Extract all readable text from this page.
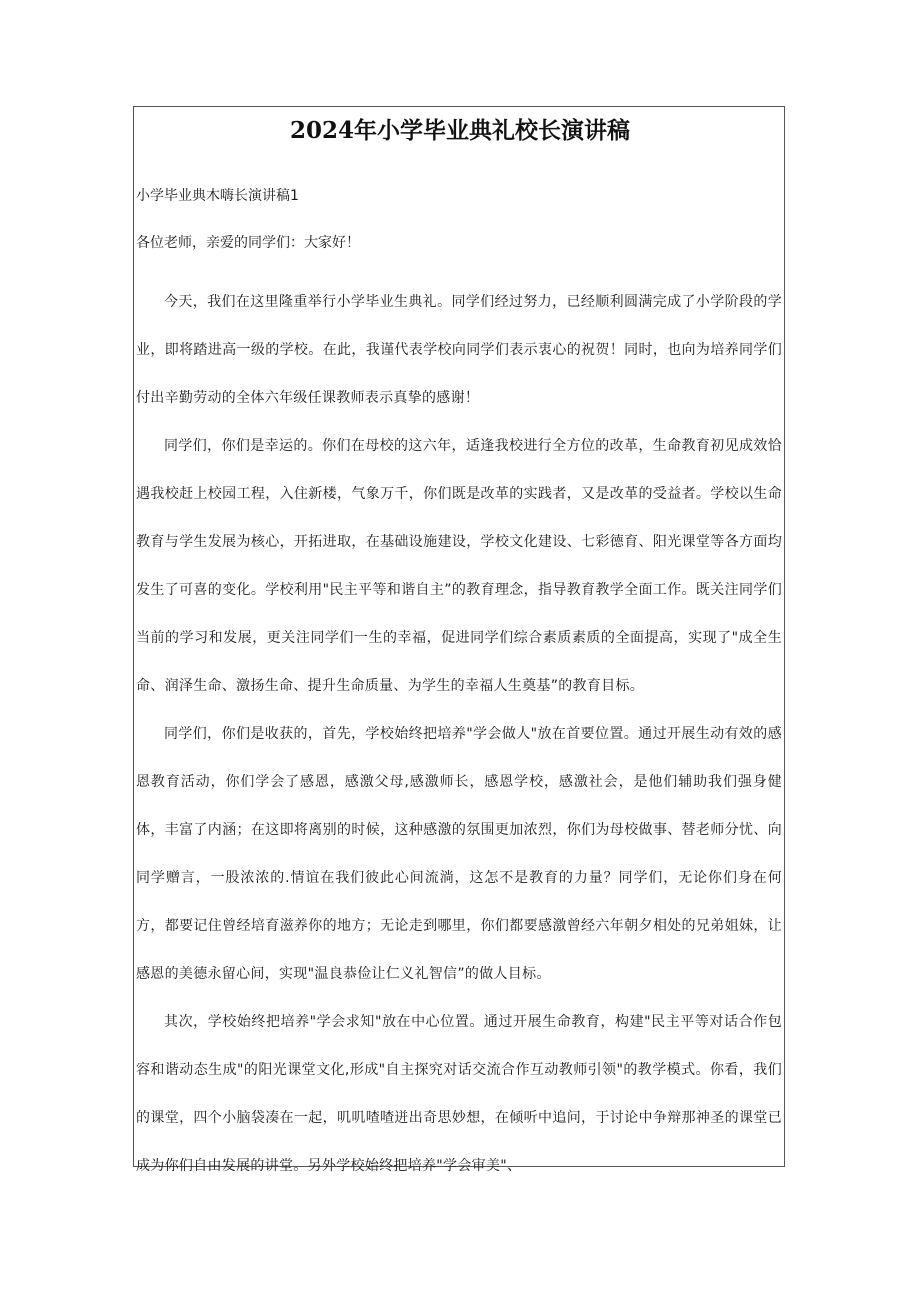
2024年小学毕业典礼校长演讲稿

小学毕业典木嗨长演讲稿1

各位老师，亲爱的同学们：大家好！

今天，我们在这里隆重举行小学毕业生典礼。同学们经过努力，已经顺利圆满完成了小学阶段的学业，即将踏进高一级的学校。在此，我谨代表学校向同学们表示衷心的祝贺！同时，也向为培养同学们付出辛勤劳动的全体六年级任课教师表示真挚的感谢！

同学们，你们是幸运的。你们在母校的这六年，适逢我校进行全方位的改革，生命教育初见成效恰遇我校赶上校园工程，入住新楼，气象万千，你们既是改革的实践者，又是改革的受益者。学校以生命教育与学生发展为核心，开拓进取，在基础设施建设，学校文化建设、七彩德育、阳光课堂等各方面均发生了可喜的变化。学校利用"民主平等和谐自主”的教育理念，指导教育教学全面工作。既关注同学们当前的学习和发展，更关注同学们一生的幸福，促进同学们综合素质素质的全面提高，实现了"成全生命、润泽生命、激扬生命、提升生命质量、为学生的幸福人生奠基”的教育目标。

同学们，你们是收获的，首先，学校始终把培养"学会做人"放在首要位置。通过开展生动有效的感恩教育活动，你们学会了感恩，感激父母,感激师长，感恩学校，感激社会，是他们辅助我们强身健体，丰富了内涵；在这即将离别的时候，这种感激的氛围更加浓烈，你们为母校做事、替老师分忧、向同学赠言，一股浓浓的.情谊在我们彼此心间流淌，这怎不是教育的力量？同学们，无论你们身在何方，都要记住曾经培育滋养你的地方；无论走到哪里，你们都要感激曾经六年朝夕相处的兄弟姐妹，让感恩的美德永留心间，实现"温良恭俭让仁义礼智信”的做人目标。

其次，学校始终把培养"学会求知"放在中心位置。通过开展生命教育，构建"民主平等对话合作包容和谐动态生成"的阳光课堂文化,形成"自主探究对话交流合作互动教师引领"的教学模式。你看，我们的课堂，四个小脑袋凑在一起，叽叽喳喳迸出奇思妙想，在倾听中追问，于讨论中争辩那神圣的课堂已成为你们自由发展的讲堂。另外学校始终把培养"学会审美"、
